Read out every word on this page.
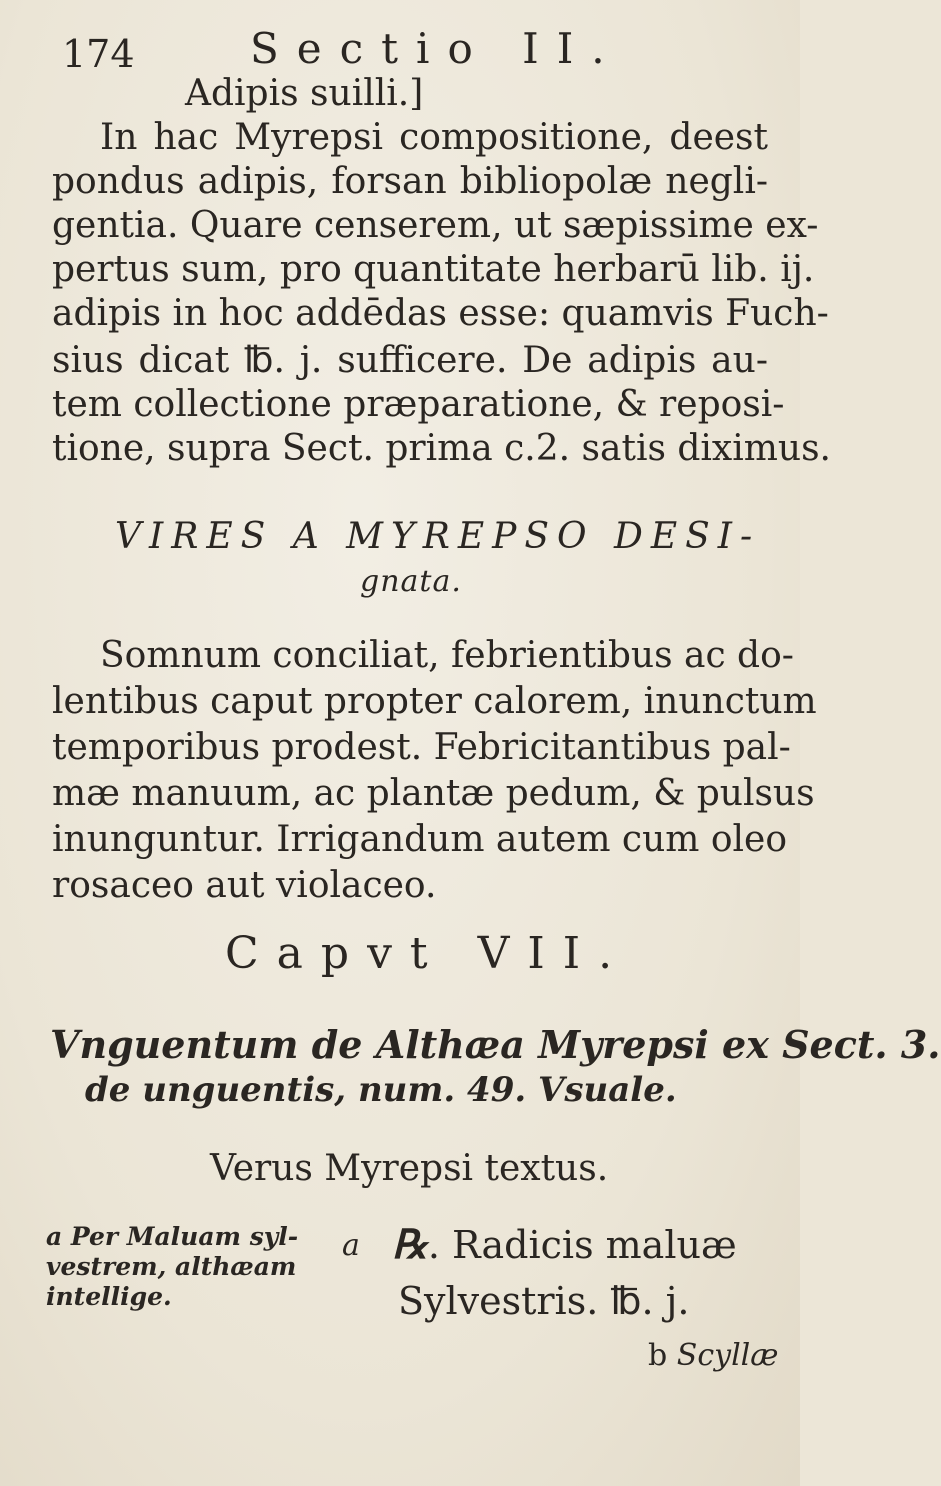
174	Sectio II.
Adipis suilli.]
In hac Myrepsi compositione, deest
pondus adipis, forsan bibliopolæ negli-
gentia. Quare censerem, ut sæpissime ex-
pertus sum, pro quantitate herbarū lib. ij.
adipis in hoc addēdas esse: quamvis Fuch-
sius dicat ℔. j. sufficere. De adipis au-
tem collectione præparatione, & reposi-
tione, supra Sect. prima c.2. satis diximus.
VIRES A MYREPSO DESI-
gnata.
Somnum conciliat, febrientibus ac do-
lentibus caput propter calorem, inunctum
temporibus prodest. Febricitantibus pal-
mæ manuum, ac plantæ pedum, & pulsus
inunguntur. Irrigandum autem cum oleo
rosaceo aut violaceo.
Capvt VII.
Vnguentum de Althæa Myrepsi ex Sect. 3.
de unguentis, num. 49. Vsuale.
Verus Myrepsi textus.
a Per Maluam syl-
vestrem, althæam
intellige.
a ℞. Radicis maluæ
Sylvestris. ℔. j.
b Scyllæ
